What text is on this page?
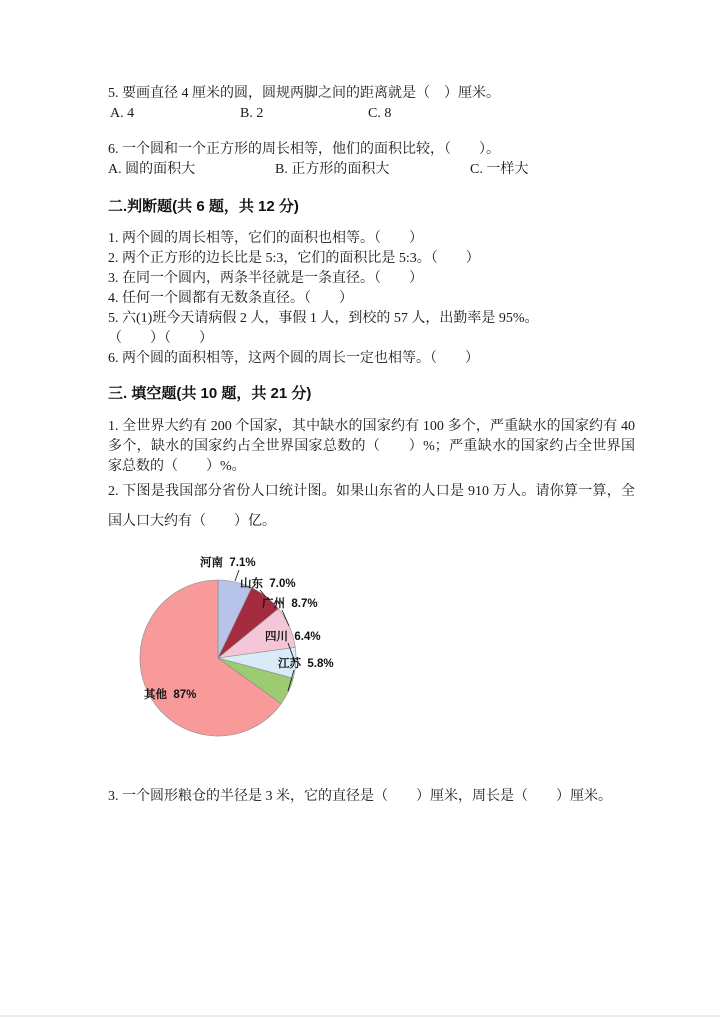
5. 要画直径 4 厘米的圆，圆规两脚之间的距离就是（　）厘米。

A. 4	B. 2	C. 8

6. 一个圆和一个正方形的周长相等，他们的面积比较，（　　）。

A. 圆的面积大	B. 正方形的面积大	C. 一样大
二.判断题(共 6 题，共 12 分)

1. 两个圆的周长相等，它们的面积也相等。（　　）

2. 两个正方形的边长比是 5:3，它们的面积比是 5:3。（　　）

3. 在同一个圆内，两条半径就是一条直径。（　　）

4. 任何一个圆都有无数条直径。（　　）

5. 六(1)班今天请病假 2 人，事假 1 人，到校的 57 人，出勤率是 95%。

（　　）（　　）

6. 两个圆的面积相等，这两个圆的周长一定也相等。（　　）

三. 填空题(共 10 题，共 21 分)

1. 全世界大约有 200 个国家，其中缺水的国家约有 100 多个，严重缺水的国家约有 40 多个，缺水的国家约占全世界国家总数的（　　）%；严重缺水的国家约占全世界国家总数的（　　）%。

2. 下图是我国部分省份人口统计图。如果山东省的人口是 910 万人。请你算一算，全国人口大约有（　　）亿。

河南  7.1%
山东  7.0%
广州  8.7%
四川  6.4%
江苏  5.8%
其他  87%

3. 一个圆形粮仓的半径是 3 米，它的直径是（　　）厘米，周长是（　　）厘米。
